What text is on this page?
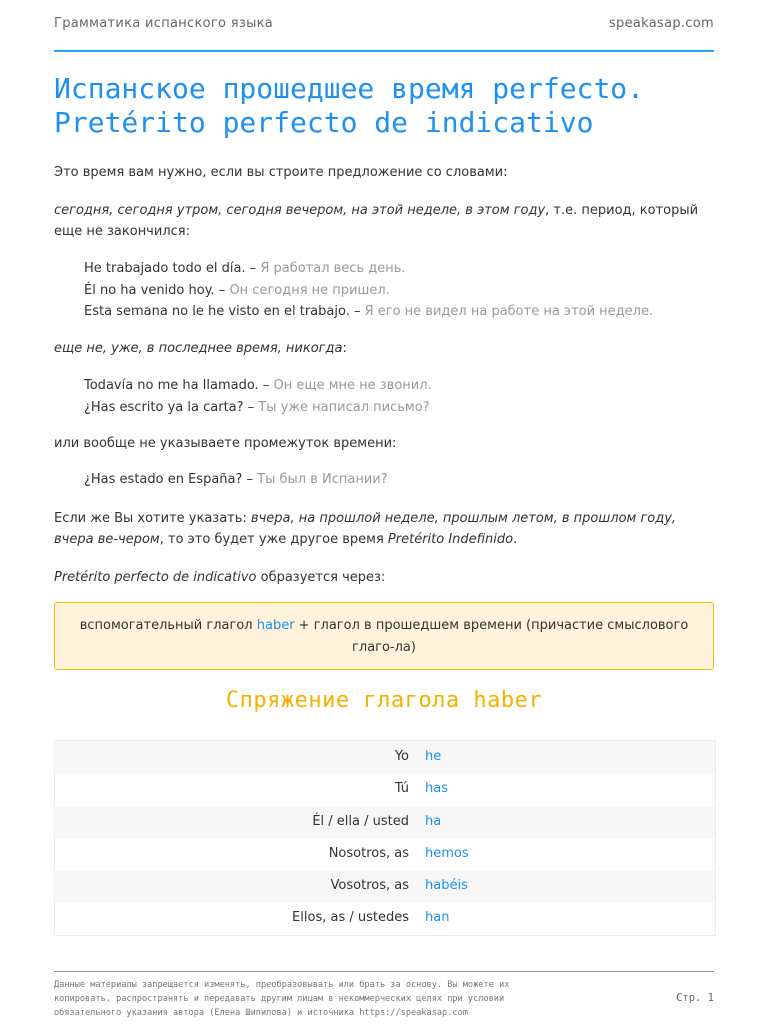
Грамматика испанского языка	speakasap.com
Испанское прошедшее время perfecto.
Pretérito perfecto de indicativo

Это время вам нужно, если вы строите предложение со словами:

сегодня, сегодня утром, сегодня вечером, на этой неделе, в этом году, т.е. период, который еще не закончился:

He trabajado todo el día. – Я работал весь день.
Él no ha venido hoy. – Он сегодня не пришел.
Esta semana no le he visto en el trabajo. – Я его не видел на работе на этой неделе.

еще не, уже, в последнее время, никогда:

Todavía no me ha llamado. – Он еще мне не звонил.
¿Has escrito ya la carta? – Ты уже написал письмо?

или вообще не указываете промежуток времени:

¿Has estado en España? – Ты был в Испании?

Если же Вы хотите указать: вчера, на прошлой неделе, прошлым летом, в прошлом году, вчера ве-чером, то это будет уже другое время Pretérito Indefinido.

Pretérito perfecto de indicativo образуется через:

вспомогательный глагол haber + глагол в прошедшем времени (причастие смыслового глаго-ла)
Спряжение глагола haber
Yo he
Tú has
Él / ella / usted ha
Nosotros, as hemos
Vosotros, as habéis
Ellos, as / ustedes han

Данные материалы запрещается изменять, преобразовывать или брать за основу. Вы можете их
копировать, распространять и передавать другим лицам в некоммерческих целях при условии
обязательного указания автора (Елена Шипилова) и источника https://speakasap.com

Стр. 1
